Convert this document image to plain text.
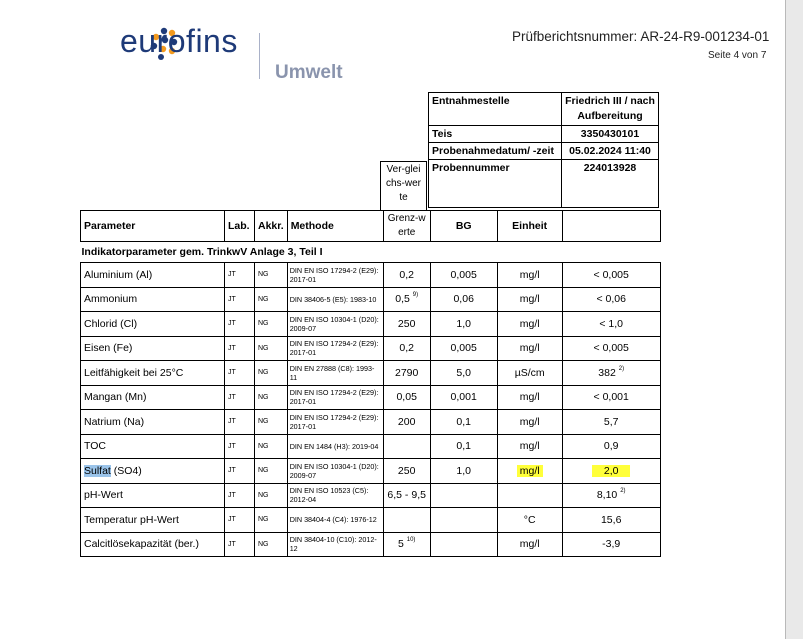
eurofins
Umwelt
Prüfberichtsnummer: AR-24-R9-001234-01
Seite 4 von 7
Entnahmestelle	Friedrich III / nach Aufbereitung
Teis	3350430101
Probenahmedatum/ -zeit	05.02.2024 11:40
Probennummer	224013928
Ver-gleichs-werte
Parameter	Lab.	Akkr.	Methode	Grenz-werte	BG	Einheit	
Indikatorparameter gem. TrinkwV Anlage 3, Teil I							
Aluminium (Al)	JT	NG	DIN EN ISO 17294-2 (E29): 2017-01	0,2	0,005	mg/l	< 0,005
Ammonium	JT	NG	DIN 38406-5 (E5): 1983-10	0,5 $^{9)}$	0,06	mg/l	< 0,06
Chlorid (Cl)	JT	NG	DIN EN ISO 10304-1 (D20): 2009-07	250	1,0	mg/l	< 1,0
Eisen (Fe)	JT	NG	DIN EN ISO 17294-2 (E29): 2017-01	0,2	0,005	mg/l	< 0,005
Leitfähigkeit bei 25°C	JT	NG	DIN EN 27888 (C8): 1993-11	2790	5,0	µS/cm	382 $^{2)}$
Mangan (Mn)	JT	NG	DIN EN ISO 17294-2 (E29): 2017-01	0,05	0,001	mg/l	< 0,001
Natrium (Na)	JT	NG	DIN EN ISO 17294-2 (E29): 2017-01	200	0,1	mg/l	5,7
TOC	JT	NG	DIN EN 1484 (H3): 2019-04		0,1	mg/l	0,9
Sulfat (SO4)	JT	NG	DIN EN ISO 10304-1 (D20): 2009-07	250	1,0	mg/l	2,0
pH-Wert	JT	NG	DIN EN ISO 10523 (C5): 2012-04	6,5 - 9,5			8,10 $^{2)}$
Temperatur pH-Wert	JT	NG	DIN 38404-4 (C4): 1976-12			°C	15,6
Calcitlösekapazität (ber.)	JT	NG	DIN 38404-10 (C10): 2012-12	5 $^{10)}$		mg/l	-3,9
